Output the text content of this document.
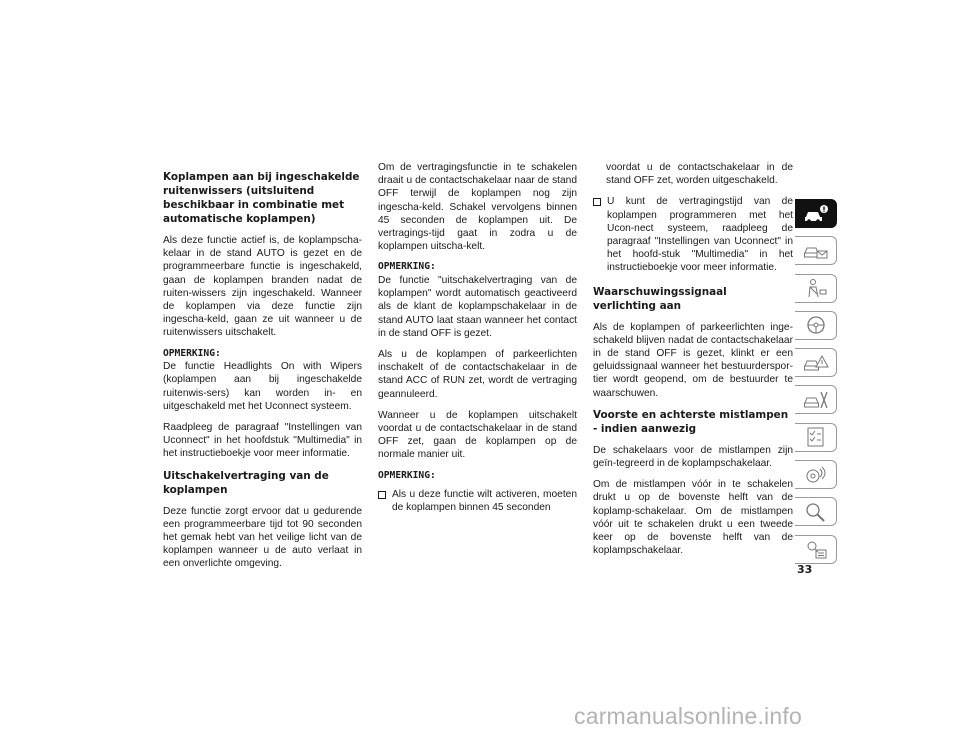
Koplampen aan bij ingeschakelde ruitenwissers (uitsluitend beschikbaar in combinatie met automatische koplampen)

Als deze functie actief is, de koplampscha-kelaar in de stand AUTO is gezet en de programmeerbare functie is ingeschakeld, gaan de koplampen branden nadat de ruiten-wissers zijn ingeschakeld. Wanneer de koplampen via deze functie zijn ingescha-keld, gaan ze uit wanneer u de ruitenwissers uitschakelt.

OPMERKING:
De functie Headlights On with Wipers (koplampen aan bij ingeschakelde ruitenwis-sers) kan worden in- en uitgeschakeld met het Uconnect systeem.

Raadpleeg de paragraaf "Instellingen van Uconnect" in het hoofdstuk "Multimedia" in het instructieboekje voor meer informatie.

Uitschakelvertraging van de koplampen

Deze functie zorgt ervoor dat u gedurende een programmeerbare tijd tot 90 seconden het gemak hebt van het veilige licht van de koplampen wanneer u de auto verlaat in een onverlichte omgeving.

Om de vertragingsfunctie in te schakelen draait u de contactschakelaar naar de stand OFF terwijl de koplampen nog zijn ingescha-keld. Schakel vervolgens binnen 45 seconden de koplampen uit. De vertragings-tijd gaat in zodra u de koplampen uitscha-kelt.

OPMERKING:
De functie "uitschakelvertraging van de koplampen" wordt automatisch geactiveerd als de klant de koplampschakelaar in de stand AUTO laat staan wanneer het contact in de stand OFF is gezet.

Als u de koplampen of parkeerlichten inschakelt of de contactschakelaar in de stand ACC of RUN zet, wordt de vertraging geannuleerd.

Wanneer u de koplampen uitschakelt voordat u de contactschakelaar in de stand OFF zet, gaan de koplampen op de normale manier uit.

OPMERKING:

Als u deze functie wilt activeren, moeten de koplampen binnen 45 seconden

voordat u de contactschakelaar in de stand OFF zet, worden uitgeschakeld.

U kunt de vertragingstijd van de koplampen programmeren met het Ucon-nect systeem, raadpleeg de paragraaf "Instellingen van Uconnect" in het hoofd-stuk "Multimedia" in het instructieboekje voor meer informatie.

Waarschuwingssignaal verlichting aan

Als de koplampen of parkeerlichten inge-schakeld blijven nadat de contactschakelaar in de stand OFF is gezet, klinkt er een geluidssignaal wanneer het bestuurderspor-tier wordt geopend, om de bestuurder te waarschuwen.

Voorste en achterste mistlampen - indien aanwezig

De schakelaars voor de mistlampen zijn geïn-tegreerd in de koplampschakelaar.

Om de mistlampen vóór in te schakelen drukt u op de bovenste helft van de koplamp-schakelaar. Om de mistlampen vóór uit te schakelen drukt u een tweede keer op de bovenste helft van de koplampschakelaar.

33
carmanualsonline.info
